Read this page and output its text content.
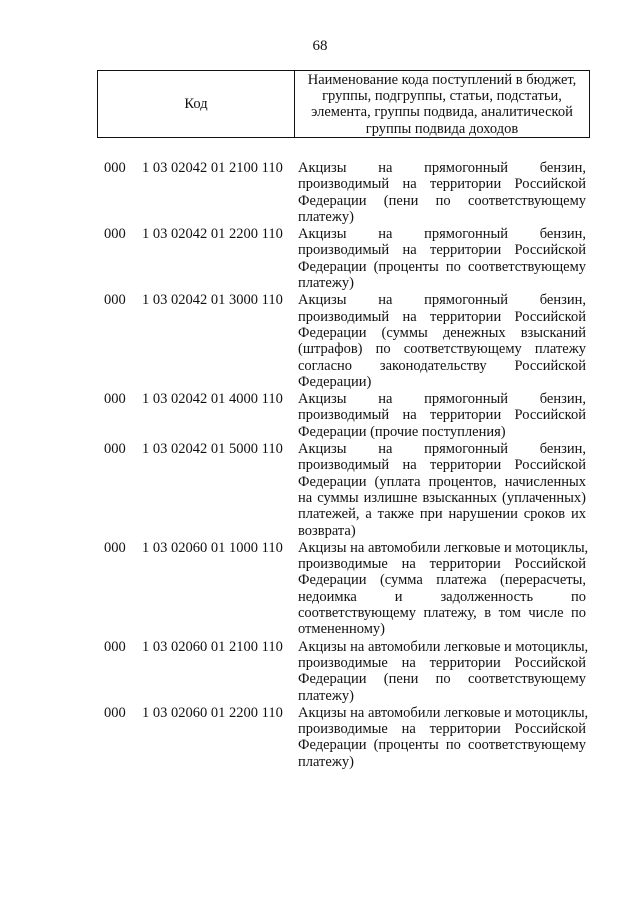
68
Код
Наименование кода поступлений в бюджет,
группы, подгруппы, статьи, подстатьи,
элемента, группы подвида, аналитической
группы подвида доходов
000 1 03 02042 01 2100 110 Акцизы на прямогонный бензин,
производимый на территории Российской
Федерации (пени по соответствующему
платежу)
000 1 03 02042 01 2200 110 Акцизы на прямогонный бензин,
производимый на территории Российской
Федерации (проценты по соответствующему
платежу)
000 1 03 02042 01 3000 110 Акцизы на прямогонный бензин,
производимый на территории Российской
Федерации (суммы денежных взысканий
(штрафов) по соответствующему платежу
согласно законодательству Российской
Федерации)
000 1 03 02042 01 4000 110 Акцизы на прямогонный бензин,
производимый на территории Российской
Федерации (прочие поступления)
000 1 03 02042 01 5000 110 Акцизы на прямогонный бензин,
производимый на территории Российской
Федерации (уплата процентов, начисленных
на суммы излишне взысканных (уплаченных)
платежей, а также при нарушении сроков их
возврата)
000 1 03 02060 01 1000 110 Акцизы на автомобили легковые и мотоциклы,
производимые на территории Российской
Федерации (сумма платежа (перерасчеты,
недоимка и задолженность по
соответствующему платежу, в том числе по
отмененному)
000 1 03 02060 01 2100 110 Акцизы на автомобили легковые и мотоциклы,
производимые на территории Российской
Федерации (пени по соответствующему
платежу)
000 1 03 02060 01 2200 110 Акцизы на автомобили легковые и мотоциклы,
производимые на территории Российской
Федерации (проценты по соответствующему
платежу)
